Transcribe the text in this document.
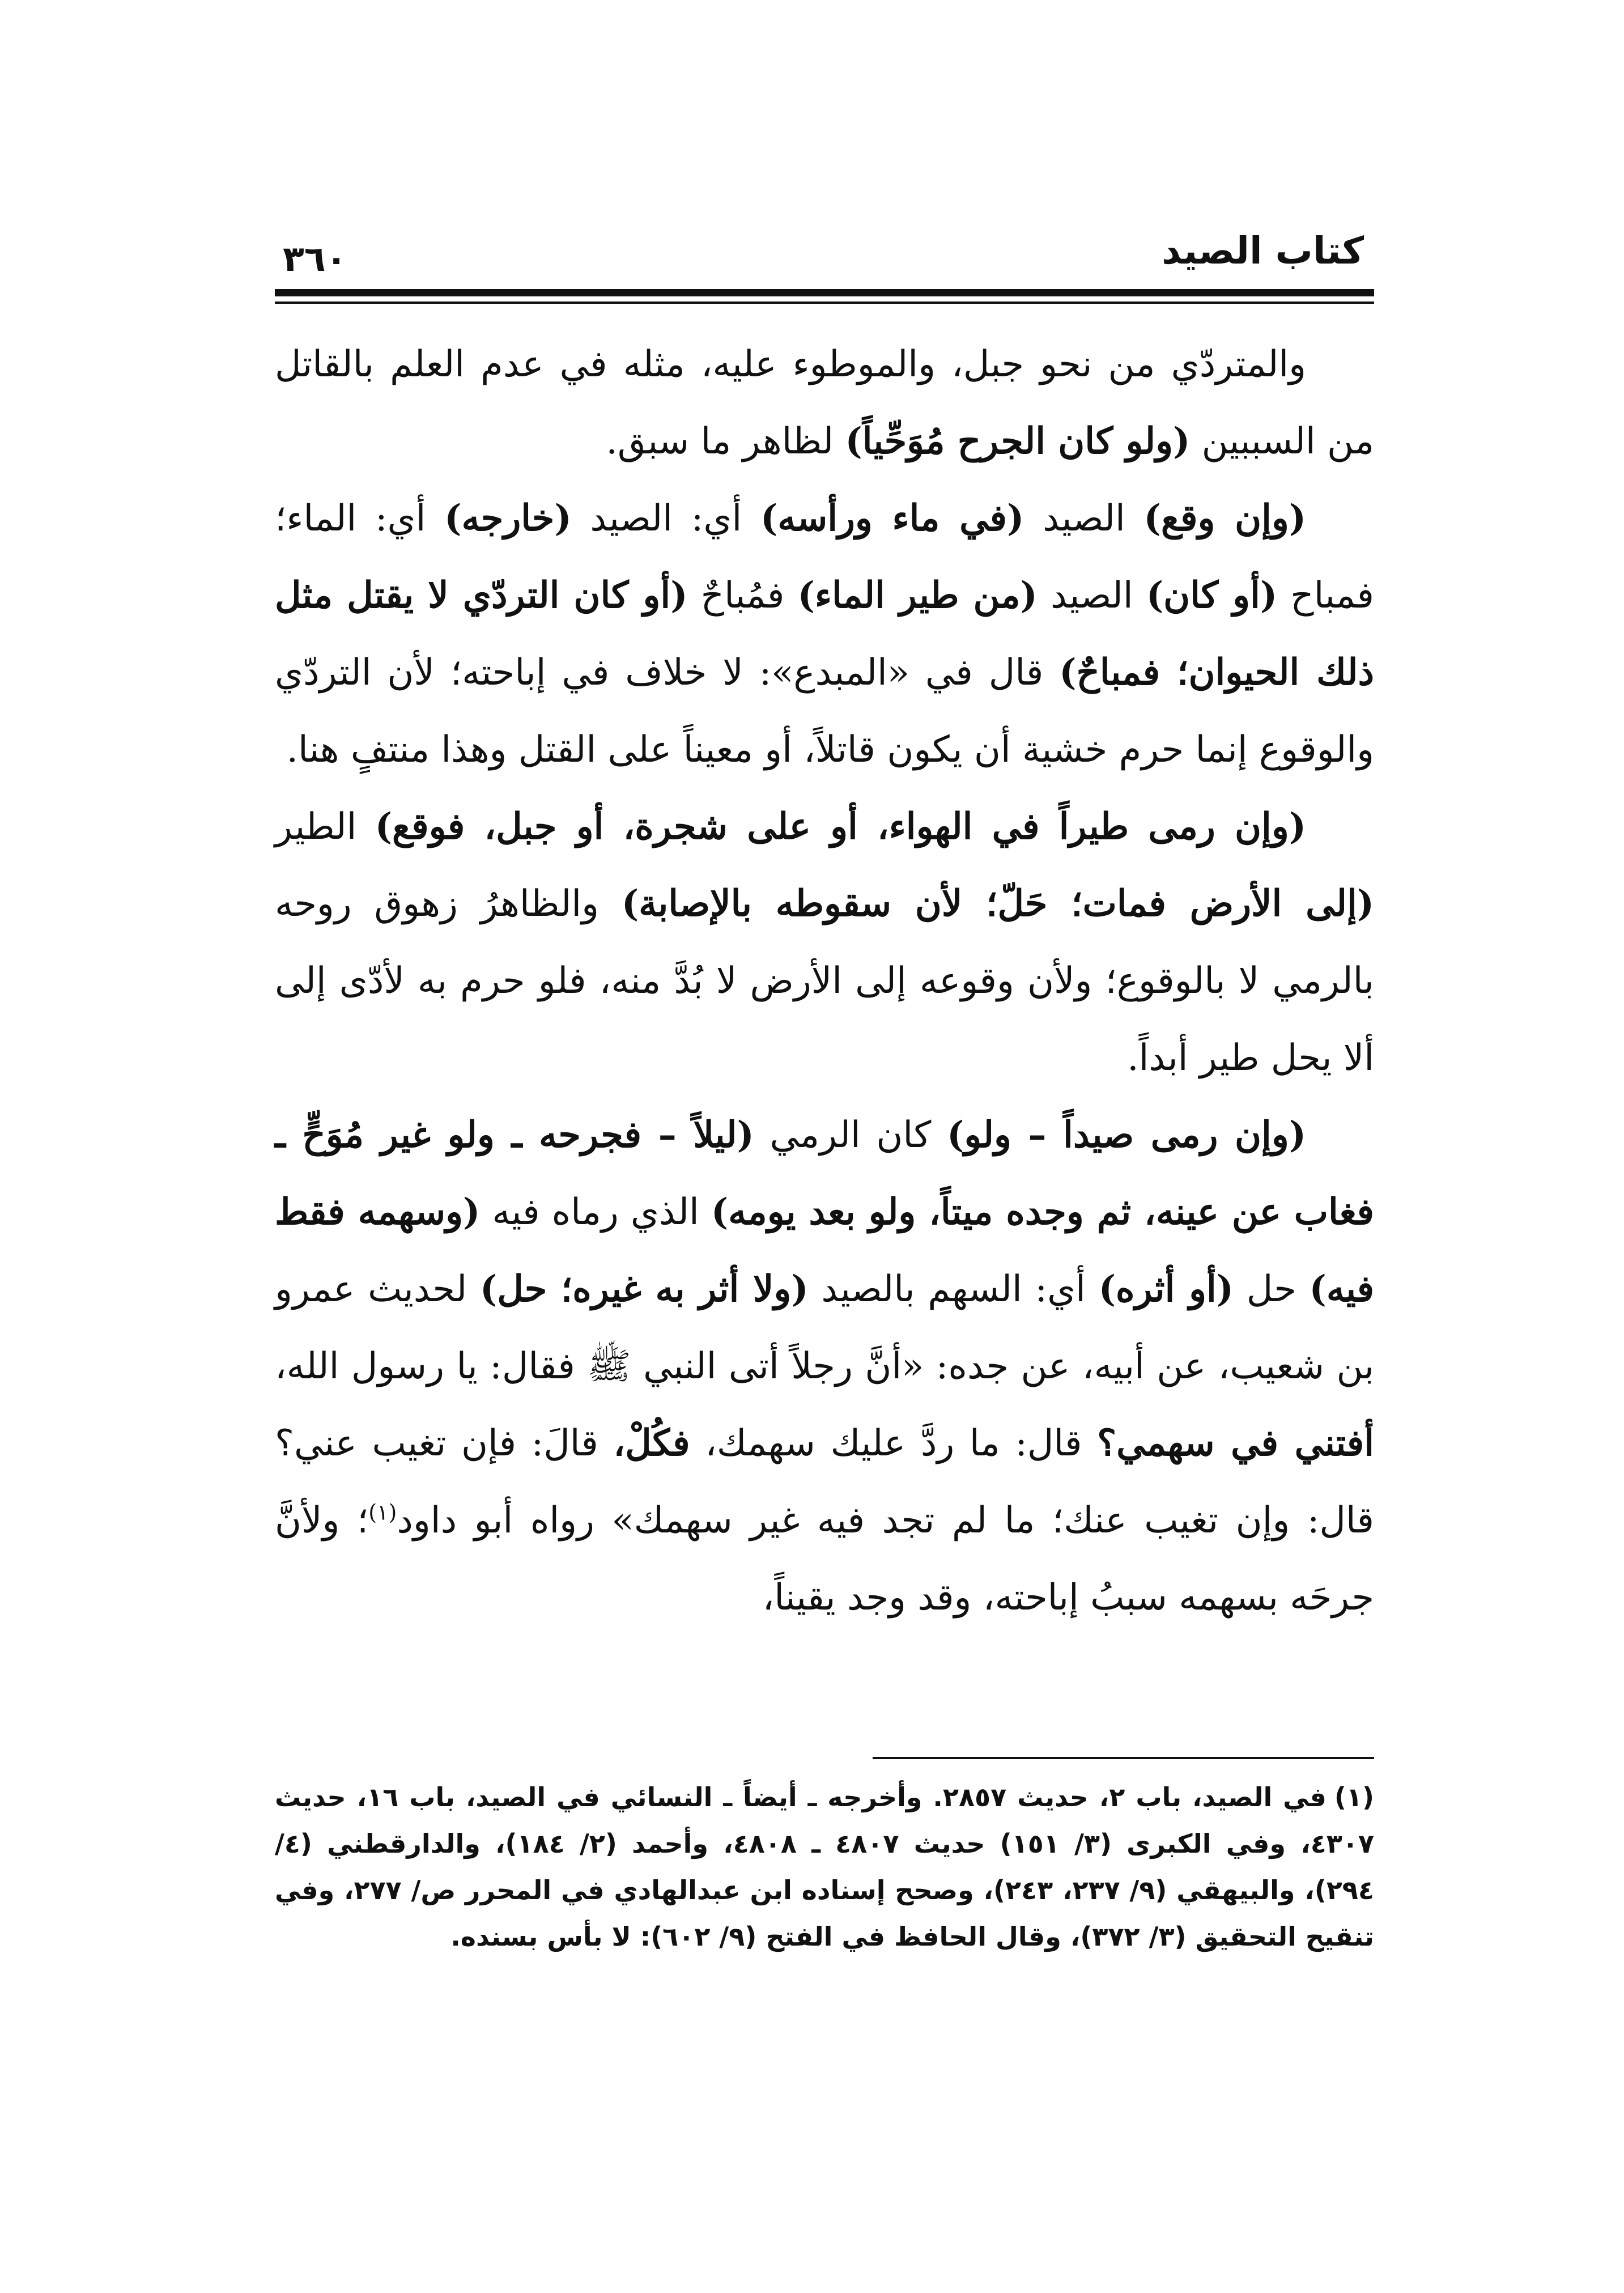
كتاب الصيد
٣٦٠

والمتردّي من نحو جبل، والموطوء عليه، مثله في عدم العلم بالقاتل من السببين (ولو كان الجرح مُوَحِّياً) لظاهر ما سبق.

(وإن وقع) الصيد (في ماء ورأسه) أي: الصيد (خارجه) أي: الماء؛ فمباح (أو كان) الصيد (من طير الماء) فمُباحٌ (أو كان التردّي لا يقتل مثل ذلك الحيوان؛ فمباحٌ) قال في «المبدع»: لا خلاف في إباحته؛ لأن التردّي والوقوع إنما حرم خشية أن يكون قاتلاً، أو معيناً على القتل وهذا منتفٍ هنا.

(وإن رمى طيراً في الهواء، أو على شجرة، أو جبل، فوقع) الطير (إلى الأرض فمات؛ حَلّ؛ لأن سقوطه بالإصابة) والظاهرُ زهوق روحه بالرمي لا بالوقوع؛ ولأن وقوعه إلى الأرض لا بُدَّ منه، فلو حرم به لأدّى إلى ألا يحل طير أبداً.

(وإن رمى صيداً – ولو) كان الرمي (ليلاً – فجرحه ـ ولو غير مُوَحٍّ ـ فغاب عن عينه، ثم وجده ميتاً، ولو بعد يومه) الذي رماه فيه (وسهمه فقط فيه) حل (أو أثره) أي: السهم بالصيد (ولا أثر به غيره؛ حل) لحديث عمرو بن شعيب، عن أبيه، عن جده: «أنَّ رجلاً أتى النبي ﷺ فقال: يا رسول الله، أفتني في سهمي؟ قال: ما ردَّ عليك سهمك، فكُلْ، قالَ: فإن تغيب عني؟ قال: وإن تغيب عنك؛ ما لم تجد فيه غير سهمك» رواه أبو داود$^{(١)}$؛ ولأنَّ جرحَه بسهمه سببُ إباحته، وقد وجد يقيناً،

(١)في الصيد، باب ٢، حديث ٢٨٥٧. وأخرجه ـ أيضاً ـ النسائي في الصيد، باب ١٦، حديث ٤٣٠٧، وفي الكبرى (٣/ ١٥١) حديث ٤٨٠٧ ـ ٤٨٠٨، وأحمد (٢/ ١٨٤)، والدارقطني (٤/ ٢٩٤)، والبيهقي (٩/ ٢٣٧، ٢٤٣)، وصحح إسناده ابن عبدالهادي في المحرر ص/ ٢٧٧، وفي تنقيح التحقيق (٣/ ٣٧٢)، وقال الحافظ في الفتح (٩/ ٦٠٢): لا بأس بسنده.
